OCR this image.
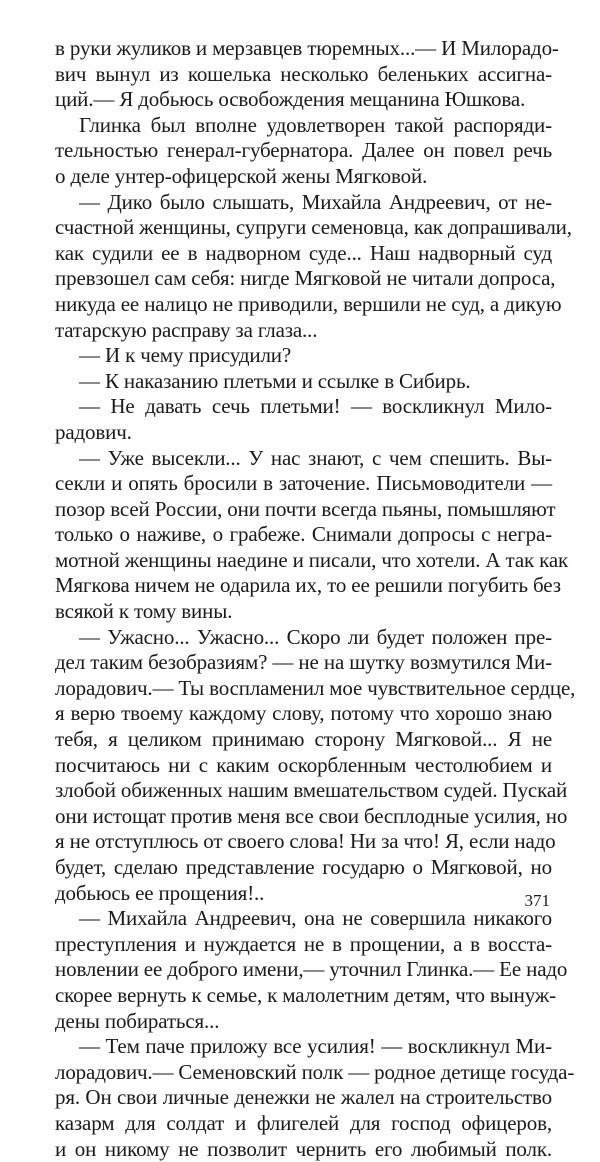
в руки жуликов и мерзавцев тюремных...— И Милорадо-
вич вынул из кошелька несколько беленьких ассигна-
ций.— Я добьюсь освобождения мещанина Юшкова.
Глинка был вполне удовлетворен такой распоряди-
тельностью генерал-губернатора. Далее он повел речь
о деле унтер-офицерской жены Мягковой.
— Дико было слышать, Михайла Андреевич, от не-
счастной женщины, супруги семеновца, как допрашивали,
как судили ее в надворном суде... Наш надворный суд
превзошел сам себя: нигде Мягковой не читали допроса,
никуда ее налицо не приводили, вершили не суд, а дикую
татарскую расправу за глаза...
— И к чему присудили?
— К наказанию плетьми и ссылке в Сибирь.
— Не давать сечь плетьми! — воскликнул Мило-
радович.
— Уже высекли... У нас знают, с чем спешить. Вы-
секли и опять бросили в заточение. Письмоводители —
позор всей России, они почти всегда пьяны, помышляют
только о наживе, о грабеже. Снимали допросы с негра-
мотной женщины наедине и писали, что хотели. А так как
Мягкова ничем не одарила их, то ее решили погубить без
всякой к тому вины.
— Ужасно... Ужасно... Скоро ли будет положен пре-
дел таким безобразиям? — не на шутку возмутился Ми-
лорадович.— Ты воспламенил мое чувствительное сердце,
я верю твоему каждому слову, потому что хорошо знаю
тебя, я целиком принимаю сторону Мягковой... Я не
посчитаюсь ни с каким оскорбленным честолюбием и
злобой обиженных нашим вмешательством судей. Пускай
они истощат против меня все свои бесплодные усилия, но
я не отступлюсь от своего слова! Ни за что! Я, если надо
будет, сделаю представление государю о Мягковой, но
добьюсь ее прощения!..
— Михайла Андреевич, она не совершила никакого
преступления и нуждается не в прощении, а в восста-
новлении ее доброго имени,— уточнил Глинка.— Ее надо
скорее вернуть к семье, к малолетним детям, что вынуж-
дены побираться...
— Тем паче приложу все усилия! — воскликнул Ми-
лорадович.— Семеновский полк — родное детище госуда-
ря. Он свои личные денежки не жалел на строительство
казарм для солдат и флигелей для господ офицеров,
и он никому не позволит чернить его любимый полк.
371
